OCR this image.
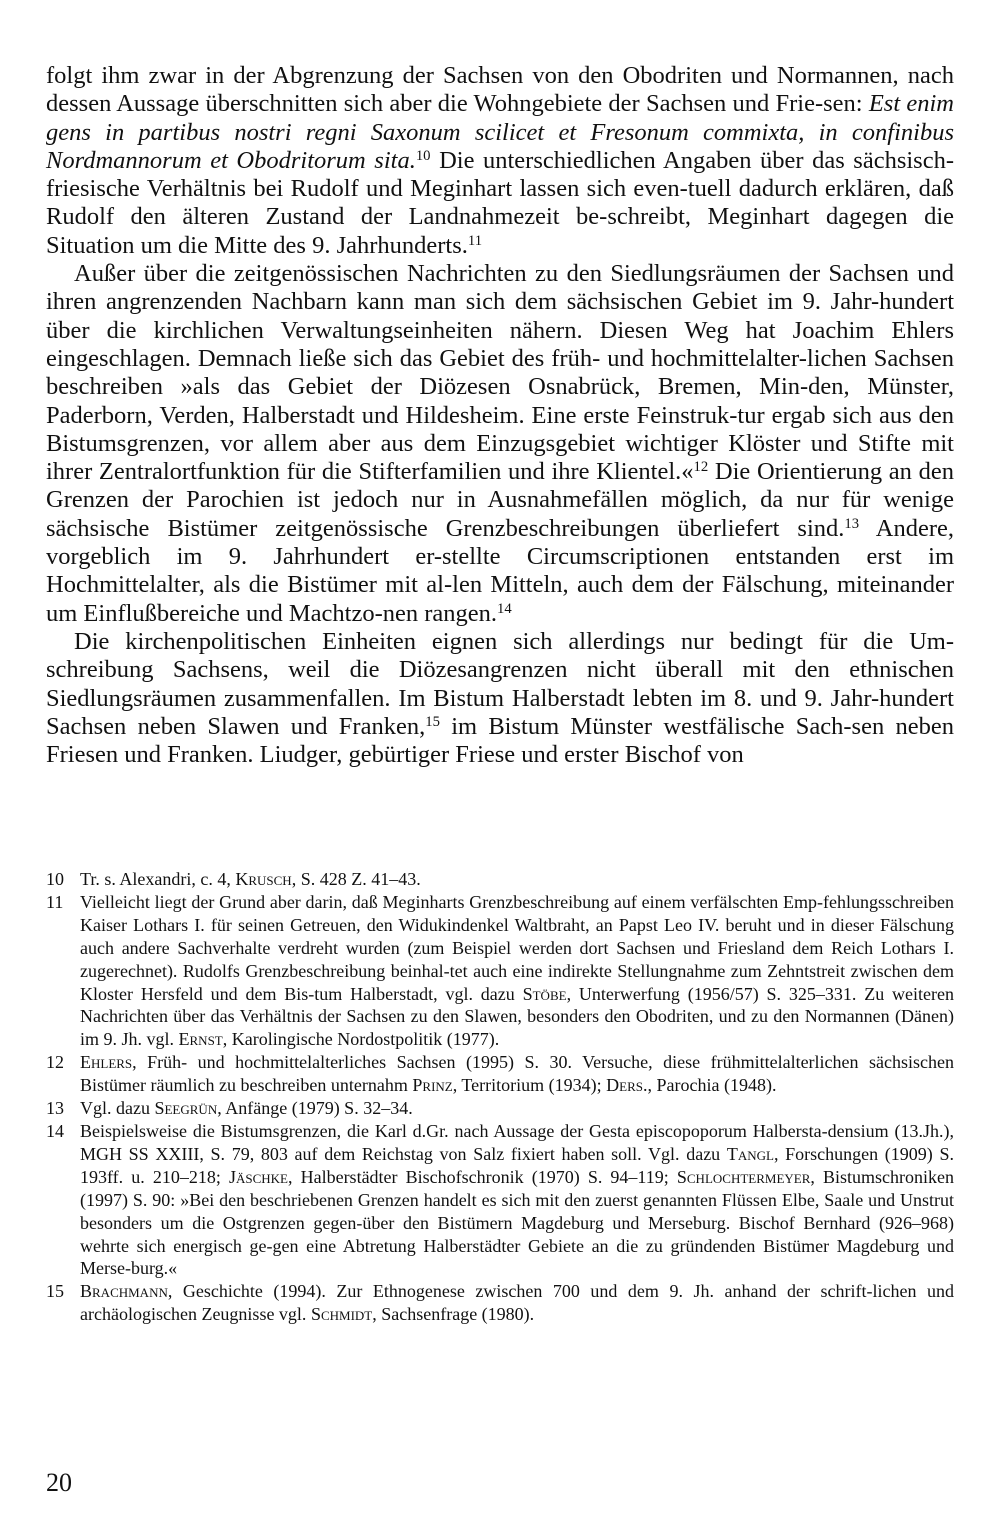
folgt ihm zwar in der Abgrenzung der Sachsen von den Obodriten und Normannen, nach dessen Aussage überschnitten sich aber die Wohngebiete der Sachsen und Frie-sen: Est enim gens in partibus nostri regni Saxonum scilicet et Fresonum commixta, in confinibus Nordmannorum et Obodritorum sita.$^{10}$ Die unterschiedlichen Angaben über das sächsisch-friesische Verhältnis bei Rudolf und Meginhart lassen sich even-tuell dadurch erklären, daß Rudolf den älteren Zustand der Landnahmezeit be-schreibt, Meginhart dagegen die Situation um die Mitte des 9. Jahrhunderts.$^{11}$

Außer über die zeitgenössischen Nachrichten zu den Siedlungsräumen der Sachsen und ihren angrenzenden Nachbarn kann man sich dem sächsischen Gebiet im 9. Jahr-hundert über die kirchlichen Verwaltungseinheiten nähern. Diesen Weg hat Joachim Ehlers eingeschlagen. Demnach ließe sich das Gebiet des früh- und hochmittelalter-lichen Sachsen beschreiben »als das Gebiet der Diözesen Osnabrück, Bremen, Min-den, Münster, Paderborn, Verden, Halberstadt und Hildesheim. Eine erste Feinstruk-tur ergab sich aus den Bistumsgrenzen, vor allem aber aus dem Einzugsgebiet wichtiger Klöster und Stifte mit ihrer Zentralortfunktion für die Stifterfamilien und ihre Klientel.«$^{12}$ Die Orientierung an den Grenzen der Parochien ist jedoch nur in Ausnahmefällen möglich, da nur für wenige sächsische Bistümer zeitgenössische Grenzbeschreibungen überliefert sind.$^{13}$ Andere, vorgeblich im 9. Jahrhundert er-stellte Circumscriptionen entstanden erst im Hochmittelalter, als die Bistümer mit al-len Mitteln, auch dem der Fälschung, miteinander um Einflußbereiche und Machtzo-nen rangen.$^{14}$

Die kirchenpolitischen Einheiten eignen sich allerdings nur bedingt für die Um-schreibung Sachsens, weil die Diözesangrenzen nicht überall mit den ethnischen Siedlungsräumen zusammenfallen. Im Bistum Halberstadt lebten im 8. und 9. Jahr-hundert Sachsen neben Slawen und Franken,$^{15}$ im Bistum Münster westfälische Sach-sen neben Friesen und Franken. Liudger, gebürtiger Friese und erster Bischof von

10 Tr. s. Alexandri, c. 4, Krusch, S. 428 Z. 41–43.
11 Vielleicht liegt der Grund aber darin, daß Meginharts Grenzbeschreibung auf einem verfälschten Emp-fehlungsschreiben Kaiser Lothars I. für seinen Getreuen, den Widukindenkel Waltbraht, an Papst Leo IV. beruht und in dieser Fälschung auch andere Sachverhalte verdreht wurden (zum Beispiel werden dort Sachsen und Friesland dem Reich Lothars I. zugerechnet). Rudolfs Grenzbeschreibung beinhal-tet auch eine indirekte Stellungnahme zum Zehntstreit zwischen dem Kloster Hersfeld und dem Bis-tum Halberstadt, vgl. dazu Stöbe, Unterwerfung (1956/57) S. 325–331. Zu weiteren Nachrichten über das Verhältnis der Sachsen zu den Slawen, besonders den Obodriten, und zu den Normannen (Dänen) im 9. Jh. vgl. Ernst, Karolingische Nordostpolitik (1977).
12 Ehlers, Früh- und hochmittelalterliches Sachsen (1995) S. 30. Versuche, diese frühmittelalterlichen sächsischen Bistümer räumlich zu beschreiben unternahm Prinz, Territorium (1934); Ders., Parochia (1948).
13 Vgl. dazu Seegrün, Anfänge (1979) S. 32–34.
14 Beispielsweise die Bistumsgrenzen, die Karl d.Gr. nach Aussage der Gesta episcopoporum Halbersta-densium (13.Jh.), MGH SS XXIII, S. 79, 803 auf dem Reichstag von Salz fixiert haben soll. Vgl. dazu Tangl, Forschungen (1909) S. 193ff. u. 210–218; Jäschke, Halberstädter Bischofschronik (1970) S. 94–119; Schlochtermeyer, Bistumschroniken (1997) S. 90: »Bei den beschriebenen Grenzen handelt es sich mit den zuerst genannten Flüssen Elbe, Saale und Unstrut besonders um die Ostgrenzen gegen-über den Bistümern Magdeburg und Merseburg. Bischof Bernhard (926–968) wehrte sich energisch ge-gen eine Abtretung Halberstädter Gebiete an die zu gründenden Bistümer Magdeburg und Merse-burg.«
15 Brachmann, Geschichte (1994). Zur Ethnogenese zwischen 700 und dem 9. Jh. anhand der schrift-lichen und archäologischen Zeugnisse vgl. Schmidt, Sachsenfrage (1980).
20
